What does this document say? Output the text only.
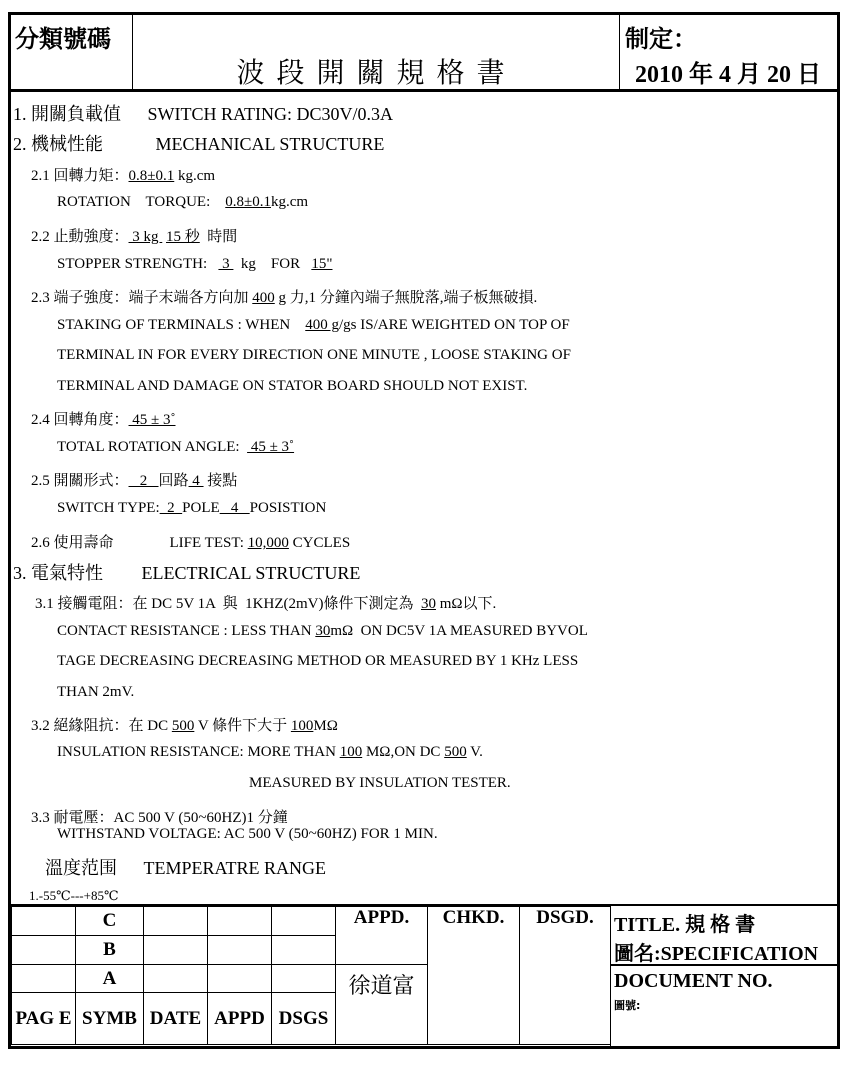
分類號碼
波段開關規格書
制定：
2010 年 4 月 20 日
1. 開關負載值 SWITCH RATING: DC30V/0.3A
2. 機械性能	MECHANICAL STRUCTURE
2.1 回轉力矩：0.8±0.1 kg.cm
ROTATION    TORQUE:    0.8±0.1kg.cm
2.2 止動強度： 3 kg  15 秒  時間
STOPPER STRENGTH:    3   kg    FOR   15"
2.3 端子強度：端子末端各方向加 400 g 力,1 分鐘內端子無脫落,端子板無破損.
STAKING OF TERMINALS : WHEN    400 g/gs IS/ARE WEIGHTED ON TOP OF
TERMINAL IN FOR EVERY DIRECTION ONE MINUTE , LOOSE STAKING OF
TERMINAL AND DAMAGE ON STATOR BOARD SHOULD NOT EXIST.
2.4 回轉角度： 45 ± 3˚
TOTAL ROTATION ANGLE:   45 ± 3˚
2.5 開關形式：   2   回路 4  接點
SWITCH TYPE:  2  POLE   4   POSISTION
2.6 使用壽命	LIFE TEST: 10,000 CYCLES
3. 電氣特性 ELECTRICAL STRUCTURE
3.1 接觸電阻：在 DC 5V 1A  與  1KHZ(2mV)條件下測定為  30 mΩ以下.
CONTACT RESISTANCE : LESS THAN 30mΩ  ON DC5V 1A MEASURED BYVOL
TAGE DECREASING DECREASING METHOD OR MEASURED BY 1 KHz LESS
THAN 2mV.
3.2 絕緣阻抗：在 DC 500 V 條件下大于 100MΩ
INSULATION RESISTANCE: MORE THAN 100 MΩ,ON DC 500 V.
MEASURED BY INSULATION TESTER.
3.3 耐電壓：AC 500 V (50~60HZ)1 分鐘
WITHSTAND VOLTAGE: AC 500 V (50~60HZ) FOR 1 MIN.
溫度范围 TEMPERATRE RANGE
1.-55℃---+85℃
	C				APPD.	CHKD.	DSGD.
	B						
	A				徐道富		
PAG E	SYMB	DATE	APPD	DSGS			
TITLE. 規 格 書
圖名:SPECIFICATION
DOCUMENT NO.
圖號:
